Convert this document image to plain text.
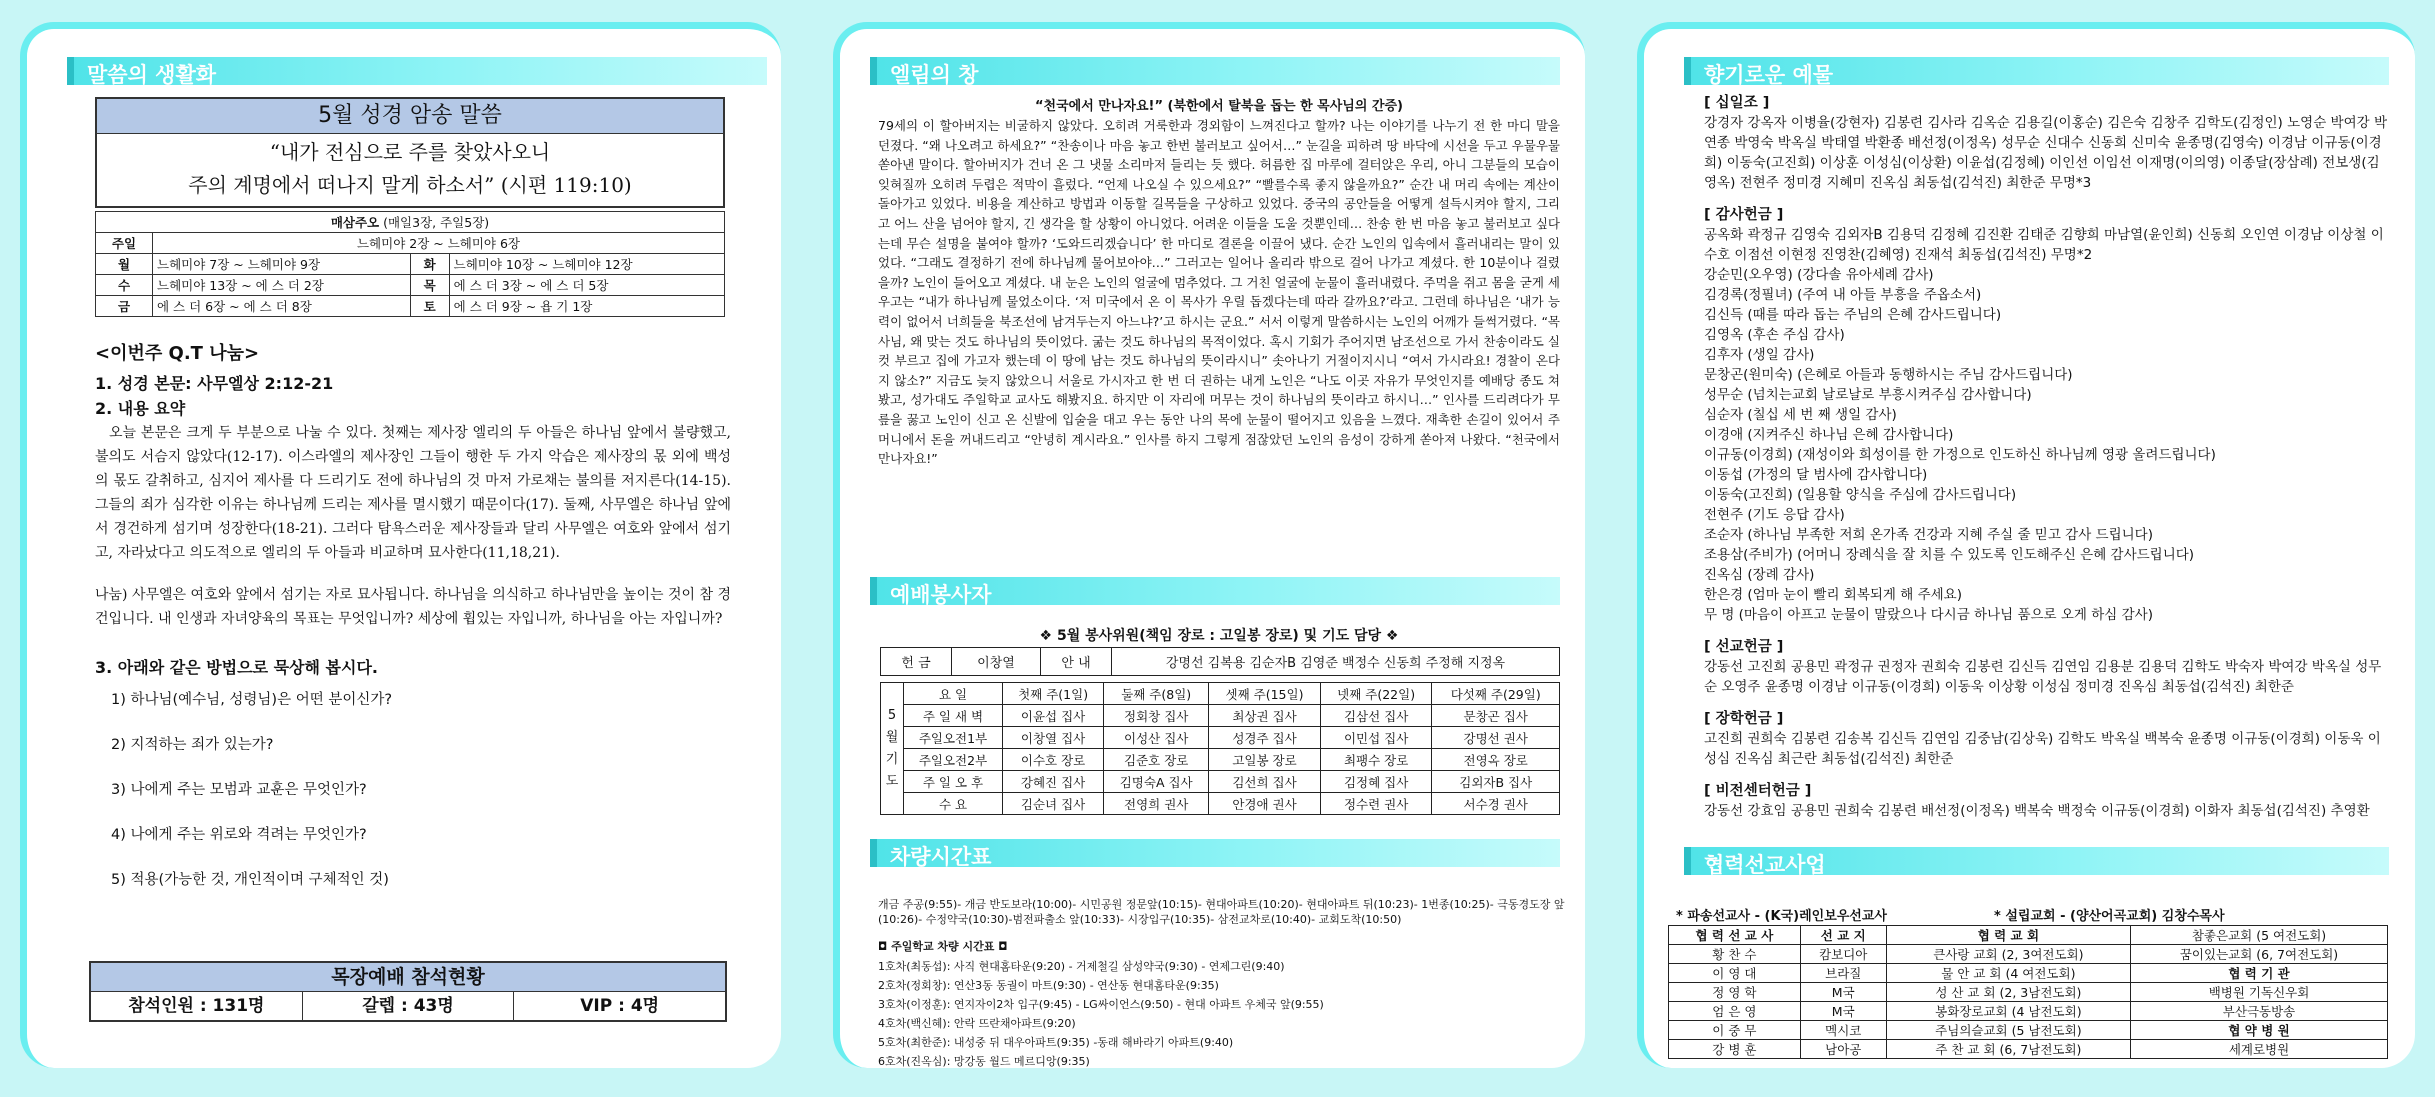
말씀의 생활화
5월 성경 암송 말씀
“내가 전심으로 주를 찾았사오니
주의 계명에서 떠나지 말게 하소서” (시편 119:10)
매삼주오 (매일3장, 주일5장)			
주일	느헤미야 2장 ~ 느헤미야 6장		
월	느헤미야 7장 ~ 느헤미야 9장	화	느헤미야 10장 ~ 느헤미야 12장
수	느헤미야 13장 ~ 에 스 더 2장	목	에 스 더 3장 ~ 에 스 더 5장
금	에 스 더 6장 ~ 에 스 더 8장	토	에 스 더 9장 ~ 욥 기 1장
<이번주 Q.T 나눔>
1. 성경 본문: 사무엘상 2:12-21
2. 내용 요약

오늘 본문은 크게 두 부분으로 나눌 수 있다. 첫째는 제사장 엘리의 두 아들은 하나님 앞에서 불량했고, 불의도 서슴지 않았다(12-17). 이스라엘의 제사장인 그들이 행한 두 가지 악습은 제사장의 몫 외에 백성의 몫도 갈취하고, 심지어 제사를 다 드리기도 전에 하나님의 것 마저 가로채는 불의를 저지른다(14-15). 그들의 죄가 심각한 이유는 하나님께 드리는 제사를 멸시했기 때문이다(17). 둘째, 사무엘은 하나님 앞에서 경건하게 섬기며 성장한다(18-21). 그러다 탐욕스러운 제사장들과 달리 사무엘은 여호와 앞에서 섬기고, 자라났다고 의도적으로 엘리의 두 아들과 비교하며 묘사한다(11,18,21).

나눔) 사무엘은 여호와 앞에서 섬기는 자로 묘사됩니다. 하나님을 의식하고 하나님만을 높이는 것이 참 경건입니다. 내 인생과 자녀양육의 목표는 무엇입니까? 세상에 휩있는 자입니까, 하나님을 아는 자입니까?

3. 아래와 같은 방법으로 묵상해 봅시다.
1) 하나님(예수님, 성령님)은 어떤 분이신가?
2) 지적하는 죄가 있는가?
3) 나에게 주는 모범과 교훈은 무엇인가?
4) 나에게 주는 위로와 격려는 무엇인가?
5) 적용(가능한 것, 개인적이며 구체적인 것)
목장예배 참석현황
참석인원 : 131명	갈렙 : 43명	VIP : 4명
엘림의 창
“천국에서 만나자요!” (북한에서 탈북을 돕는 한 목사님의 간증)

79세의 이 할아버지는 비굴하지 않았다. 오히려 거룩한과 경외함이 느껴진다고 할까? 나는 이야기를 나누기 전 한 마디 말을 던졌다. “왜 나오려고 하세요?” “찬송이나 마음 놓고 한번 불러보고 싶어서…” 눈길을 피하려 땅 바닥에 시선을 두고 우물우물 쏟아낸 말이다. 할아버지가 건너 온 그 냇물 소리마저 들리는 듯 했다. 허름한 집 마루에 걸터앉은 우리, 아니 그분들의 모습이 잊혀질까 오히려 두렵은 적막이 흘렀다. “언제 나오실 수 있으세요?” “빨를수록 좋지 않을까요?” 순간 내 머리 속에는 계산이 돌아가고 있었다. 비용을 계산하고 방법과 이동할 길목들을 구상하고 있었다. 중국의 공안들을 어떻게 설득시켜야 할지, 그리고 어느 산을 넘어야 할지, 긴 생각을 할 상황이 아니었다. 어려운 이들을 도울 것뿐인데… 찬송 한 번 마음 놓고 불러보고 싶다는데 무슨 설명을 붙여야 할까? ‘도와드리겠습니다’ 한 마디로 결론을 이끌어 냈다. 순간 노인의 입속에서 흘러내리는 말이 있었다. “그래도 결정하기 전에 하나님께 물어보아야…” 그러고는 일어나 올리라 밖으로 걸어 나가고 계셨다. 한 10분이나 걸렸을까? 노인이 들어오고 계셨다. 내 눈은 노인의 얼굴에 멈추었다. 그 거친 얼굴에 눈물이 흘러내렸다. 주먹을 쥐고 몸을 굳게 세우고는 “내가 하나님께 물었소이다. ‘저 미국에서 온 이 목사가 우릴 돕겠다는데 따라 갈까요?’라고. 그런데 하나님은 ‘내가 능력이 없어서 너희들을 북조선에 남겨두는지 아느냐?’고 하시는 군요.” 서서 이렇게 말씀하시는 노인의 어깨가 들썩거렸다. “목사님, 왜 맞는 것도 하나님의 뜻이었다. 굶는 것도 하나님의 목적이었다. 혹시 기회가 주어지면 남조선으로 가서 찬송이라도 실컷 부르고 집에 가고자 했는데 이 땅에 남는 것도 하나님의 뜻이라시니” 솟아나기 거절이지시니 “여서 가시라요! 경찰이 온다지 않소?” 지금도 늦지 않았으니 서울로 가시자고 한 번 더 권하는 내게 노인은 “나도 이곳 자유가 무엇인지를 예배당 종도 쳐봤고, 성가대도 주일학교 교사도 해봤지요. 하지만 이 자리에 머무는 것이 하나님의 뜻이라고 하시니…” 인사를 드리려다가 무릎을 꿇고 노인이 신고 온 신발에 입술을 대고 우는 동안 나의 목에 눈물이 떨어지고 있음을 느꼈다. 재촉한 손길이 있어서 주머니에서 돈을 꺼내드리고 “안녕히 계시라요.” 인사를 하지 그렇게 점잖았던 노인의 음성이 강하게 쏟아져 나왔다. “천국에서 만나자요!”

예배봉사자
❖ 5월 봉사위원(책임 장로 : 고일봉 장로) 및 기도 담당 ❖
헌 금	이창열	안 내	강명선 김복용 김순자B 김영준 백정수 신동희 주정해 지정옥
5월기도	요 일	첫째 주(1일)	둘째 주(8일)	셋째 주(15일)	넷째 주(22일)	다섯째 주(29일)
	주 일 새 벽	이윤섭 집사	정회창 집사	최상권 집사	김삼선 집사	문창곤 집사
	주일오전1부	이창열 집사	이성산 집사	성경주 집사	이민섭 집사	강명선 권사
	주일오전2부	이수호 장로	김준호 장로	고일봉 장로	최팽수 장로	전영옥 장로
	주 일 오 후	강혜진 집사	김명숙A 집사	김선희 집사	김정혜 집사	김외자B 집사
	수 요	김순녀 집사	전영희 권사	안경애 권사	정수련 권사	서수경 권사
차량시간표
개금 주공(9:55)- 개금 반도보라(10:00)- 시민공원 정문앞(10:15)- 현대아파트(10:20)- 현대아파트 뒤(10:23)- 1번종(10:25)- 극동경도장 앞(10:26)- 수정약국(10:30)-범전파출소 앞(10:33)- 시장입구(10:35)- 삼전교차로(10:40)- 교회도착(10:50)
◘ 주일학교 차량 시간표 ◘
1호차(최동섭): 사직 현대홈타운(9:20) - 거제철길 삼성약국(9:30) - 연제그린(9:40)
2호차(정회창): 연산3동 동궐이 마트(9:30) - 연산동 현대홈타운(9:35)
3호차(이정훈): 연지자이2차 입구(9:45) - LG싸이언스(9:50) - 현대 아파트 우체국 앞(9:55)
4호차(백신혜): 안락 뜨란채아파트(9:20)
5호차(최한준): 내성중 뒤 대우아파트(9:35) -동래 해바라기 아파트(9:40)
6호차(진옥심): 망강동 월드 메르디앙(9:35)
향기로운 예물
[ 십일조 ]
강경자 강옥자 이병율(강현자) 김봉련 김사라 김옥순 김용길(이홍순) 김은숙 김창주 김학도(김정인) 노영순 박여강 박연종 박영숙 박옥실 박태열 박환종 배선정(이정옥) 성무순 신대수 신동희 신미숙 윤종명(김영숙) 이경남 이규동(이경희) 이동숙(고진희) 이상훈 이성심(이상환) 이윤섭(김정혜) 이인선 이임선 이재명(이의영) 이종달(장삼례) 전보생(김영옥) 전현주 정미경 지혜미 진옥심 최동섭(김석진) 최한준 무명*3
[ 감사헌금 ]
공옥화 곽정규 김영숙 김외자B 김용덕 김정혜 김진환 김태준 김향희 마남열(윤인희) 신동희 오인연 이경남 이상철 이수호 이점선 이현정 진영찬(김혜영) 진재석 최동섭(김석진) 무명*2
강순민(오우영) (강다솔 유아세례 감사)
김경록(정필녀) (주여 내 아들 부흥을 주옵소서)
김신득 (때를 따라 돕는 주님의 은혜 감사드립니다)
김영옥 (후손 주심 감사)
김후자 (생일 감사)
문창곤(원미숙) (은혜로 아들과 동행하시는 주님 감사드립니다)
성무순 (넘치는교회 날로날로 부흥시켜주심 감사합니다)
심순자 (칠십 세 번 째 생일 감사)
이경애 (지켜주신 하나님 은혜 감사합니다)
이규동(이경희) (재성이와 희성이를 한 가정으로 인도하신 하나님께 영광 올려드립니다)
이동섭 (가정의 달 범사에 감사합니다)
이동숙(고진희) (일용할 양식을 주심에 감사드립니다)
전현주 (기도 응답 감사)
조순자 (하나님 부족한 저희 온가족 건강과 지혜 주실 줄 믿고 감사 드립니다)
조용삼(주비가) (어머니 장례식을 잘 치를 수 있도록 인도해주신 은혜 감사드립니다)
진옥심 (장례 감사)
한은경 (엄마 눈이 빨리 회복되게 해 주세요)
무 명 (마음이 아프고 눈물이 말랐으나 다시금 하나님 품으로 오게 하심 감사)
[ 선교헌금 ]
강동선 고진희 공용민 곽정규 권정자 권희숙 김봉련 김신득 김연임 김용분 김용덕 김학도 박숙자 박여강 박옥실 성무순 오영주 윤종명 이경남 이규동(이경희) 이동욱 이상황 이성심 정미경 진옥심 최동섭(김석진) 최한준
[ 장학헌금 ]
고진희 권희숙 김봉련 김송복 김신득 김연임 김중남(김상욱) 김학도 박옥실 백복숙 윤종명 이규동(이경희) 이동욱 이성심 진옥심 최근란 최동섭(김석진) 최한준
[ 비전센터헌금 ]
강동선 강효임 공용민 권희숙 김봉련 배선정(이정옥) 백복숙 백정숙 이규동(이경희) 이화자 최동섭(김석진) 추영환
협력선교사업
* 파송선교사 - (K국)레인보우선교사	* 설립교회 - (양산어곡교회) 김창수목사
협 력 선 교 사	선 교 지	협 력 교 회	참좋은교회 (5 여전도회)
황 찬 수	캄보디아	큰사랑 교회 (2, 3여전도회)	꿈이있는교회 (6, 7여전도회)
이 영 대	브라질	물 안 교 회 (4 여전도회)	협 력 기 관
정 영 학	M국	성 산 교 회 (2, 3남전도회)	백병원 기독신우회
엄 은 영	M국	봉화장로교회 (4 남전도회)	부산극동방송
이 중 무	멕시코	주님의슬교회 (5 남전도회)	협 약 병 원
강 병 훈	남아공	주 찬 교 회 (6, 7남전도회)	세계로병원
